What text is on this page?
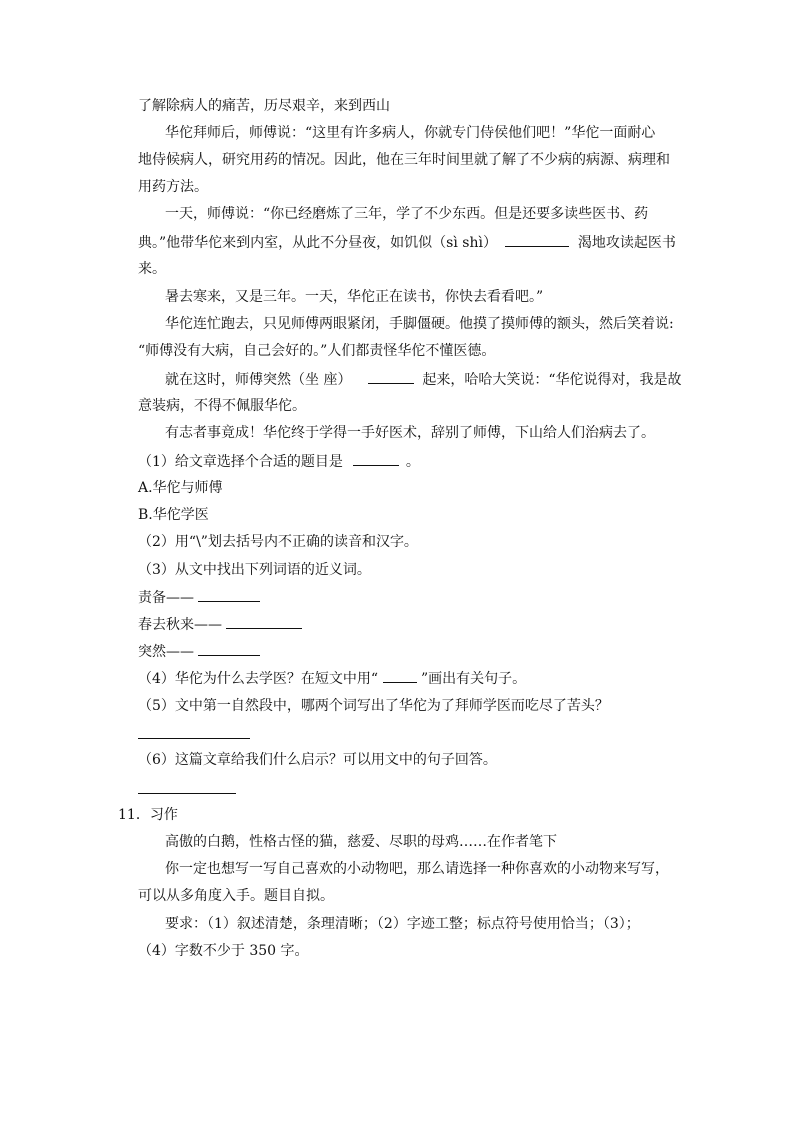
了解除病人的痛苦，历尽艰辛，来到西山
华佗拜师后，师傅说：“这里有许多病人，你就专门侍侯他们吧！”华佗一面耐心
地侍候病人，研究用药的情况。因此，他在三年时间里就了解了不少病的病源、病理和
用药方法。
一天，师傅说：“你已经磨炼了三年，学了不少东西。但是还要多读些医书、药
典。”他带华佗来到内室，从此不分昼夜，如饥似（sì shì）	渴地攻读起医书
来。
暑去寒来，又是三年。一天，华佗正在读书，你快去看看吧。”
华佗连忙跑去，只见师傅两眼紧闭，手脚僵硬。他摸了摸师傅的额头，然后笑着说:
“师傅没有大病，自己会好的。”人们都责怪华佗不懂医德。
就在这时，师傅突然（坐 座）	起来，哈哈大笑说：“华佗说得对，我是故
意装病，不得不佩服华佗。
有志者事竟成！华佗终于学得一手好医术，辞别了师傅，下山给人们治病去了。
（1）给文章选择个合适的题目是	。
A.华佗与师傅
B.华佗学医
（2）用“\”划去括号内不正确的读音和汉字。
（3）从文中找出下列词语的近义词。
责备——
春去秋来——
突然——
（4）华佗为什么去学医？在短文中用“	”画出有关句子。
（5）文中第一自然段中，哪两个词写出了华佗为了拜师学医而吃尽了苦头？
（6）这篇文章给我们什么启示？可以用文中的句子回答。
11．习作
高傲的白鹅，性格古怪的猫，慈爱、尽职的母鸡……在作者笔下
你一定也想写一写自己喜欢的小动物吧，那么请选择一种你喜欢的小动物来写写，
可以从多角度入手。题目自拟。
要求：（1）叙述清楚，条理清晰；（2）字迹工整；标点符号使用恰当；（3）；
（4）字数不少于 350 字。
